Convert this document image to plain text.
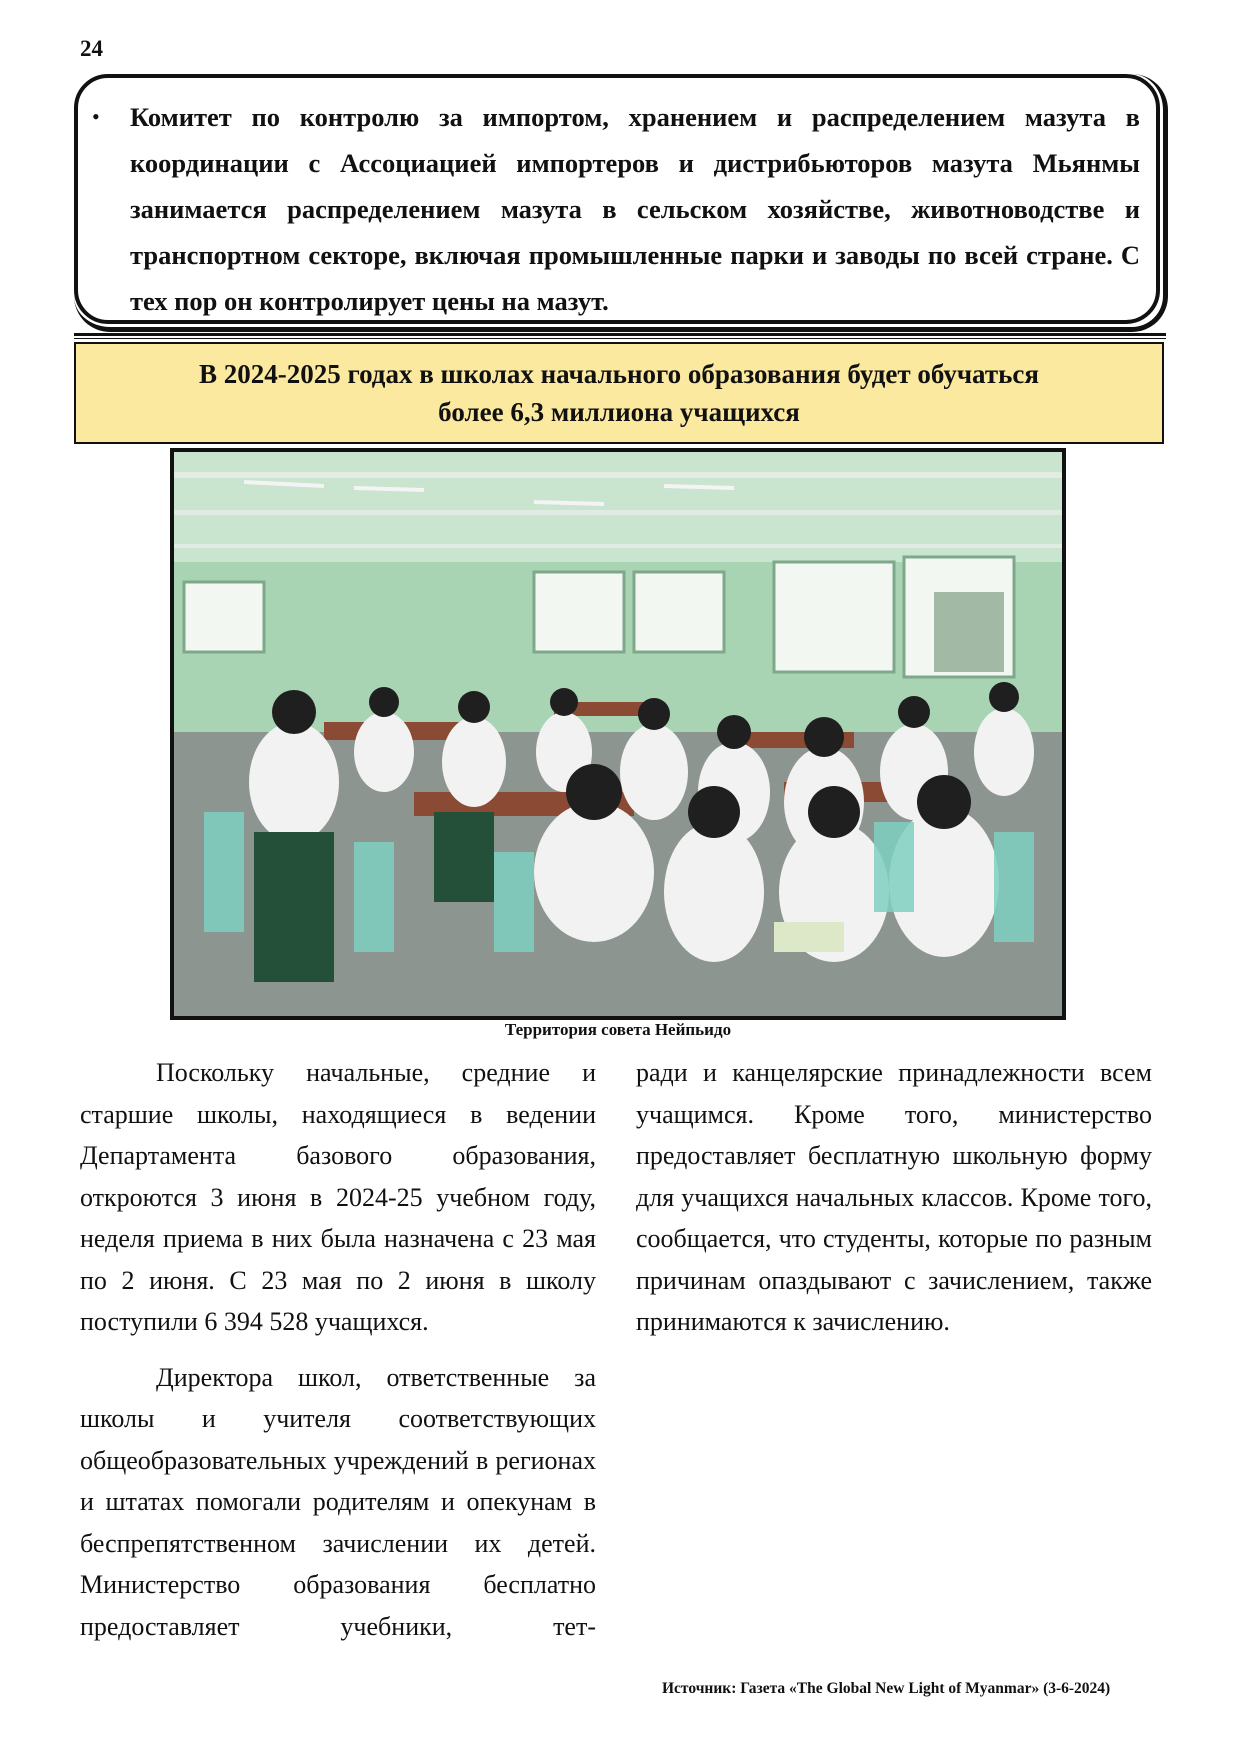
24
• Комитет по контролю за импортом, хранением и распределением мазута в координации с Ассоциацией импортеров и дистрибьюторов мазута Мьянмы занимается распределением мазута в сельском хозяйстве, животноводстве и транспортном секторе, включая промышленные парки и заводы по всей стране. С тех пор он контролирует цены на мазут.
В 2024-2025 годах в школах начального образования будет обучаться
более 6,3 миллиона учащихся
Территория совета Нейпьидо

Поскольку начальные, средние и старшие школы, находящиеся в ведении Департамента базового образования, откроются 3 июня в 2024-25 учебном году, неделя приема в них была назначена с 23 мая по 2 июня. С 23 мая по 2 июня в школу поступили 6 394 528 учащихся.

Директора школ, ответственные за школы и учителя соответствующих общеобразовательных учреждений в регионах и штатах помогали родителям и опекунам в беспрепятственном зачислении их детей. Министерство образования бесплатно предоставляет учебники, тет-

ради и канцелярские принадлежности всем учащимся. Кроме того, министерство предоставляет бесплатную школьную форму для учащихся начальных классов. Кроме того, сообщается, что студенты, которые по разным причинам опаздывают с зачислением, также принимаются к зачислению.

Источник: Газета «The Global New Light of Myanmar» (3-6-2024)
